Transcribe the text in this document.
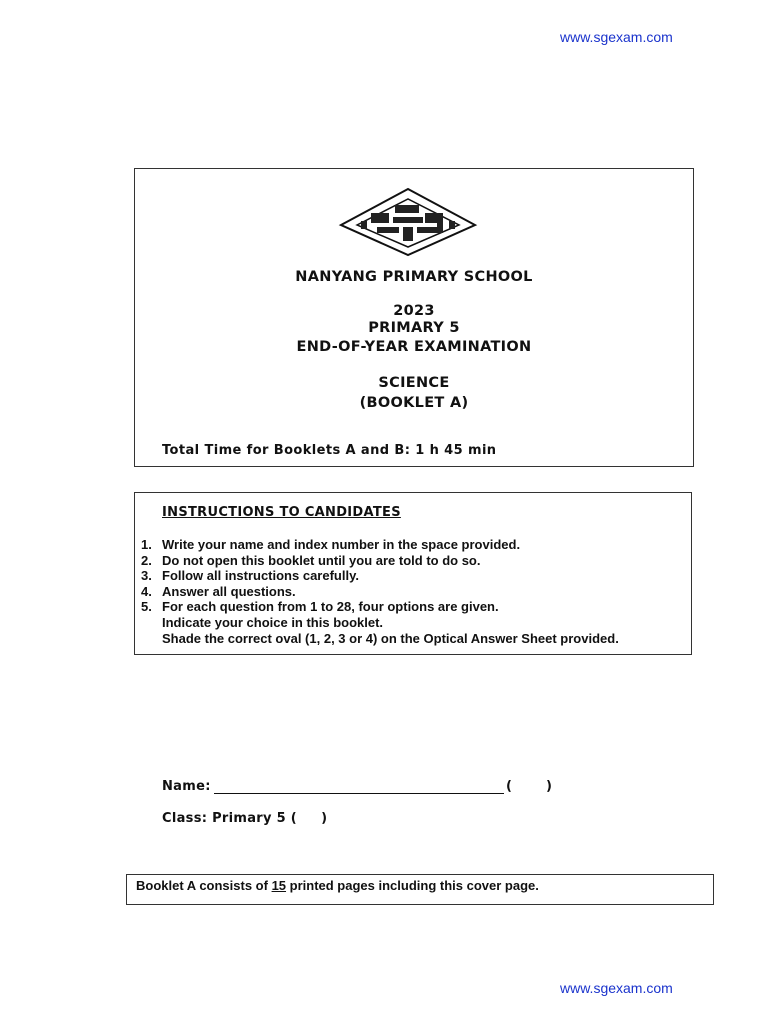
www.sgexam.com
NANYANG PRIMARY SCHOOL
2023
PRIMARY 5
END-OF-YEAR EXAMINATION
SCIENCE
(BOOKLET A)
Total Time for Booklets A and B: 1 h 45 min
INSTRUCTIONS TO CANDIDATES
1. Write your name and index number in the space provided.
2. Do not open this booklet until you are told to do so.
3. Follow all instructions carefully.
4. Answer all questions.
5. For each question from 1 to 28, four options are given.
Indicate your choice in this booklet.
Shade the correct oval (1, 2, 3 or 4) on the Optical Answer Sheet provided.
Name:	(       )
Class: Primary 5 (     )
Booklet A consists of 15 printed pages including this cover page.
www.sgexam.com
